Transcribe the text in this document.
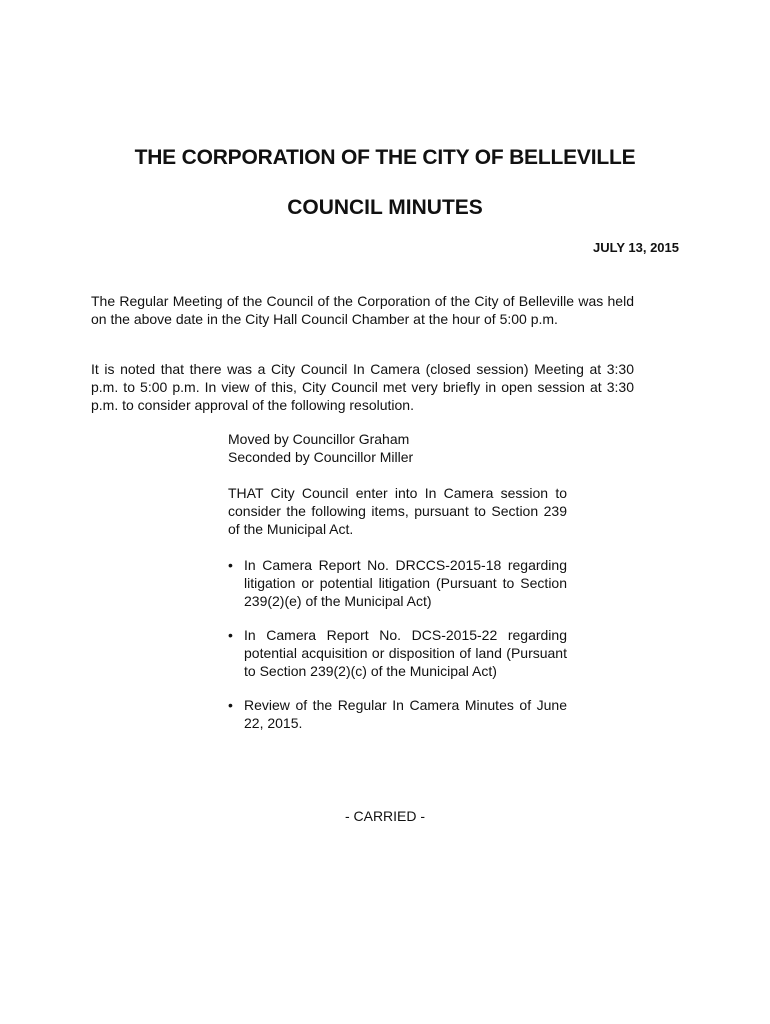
THE CORPORATION OF THE CITY OF BELLEVILLE
COUNCIL MINUTES
JULY 13, 2015
The Regular Meeting of the Council of the Corporation of the City of Belleville was held on the above date in the City Hall Council Chamber at the hour of 5:00 p.m.
It is noted that there was a City Council In Camera (closed session) Meeting at 3:30 p.m. to 5:00 p.m. In view of this, City Council met very briefly in open session at 3:30 p.m. to consider approval of the following resolution.
Moved by Councillor Graham
Seconded by Councillor Miller
THAT City Council enter into In Camera session to consider the following items, pursuant to Section 239 of the Municipal Act.
• In Camera Report No. DRCCS-2015-18 regarding litigation or potential litigation (Pursuant to Section 239(2)(e) of the Municipal Act)
• In Camera Report No. DCS-2015-22 regarding potential acquisition or disposition of land (Pursuant to Section 239(2)(c) of the Municipal Act)
• Review of the Regular In Camera Minutes of June 22, 2015.
- CARRIED -
